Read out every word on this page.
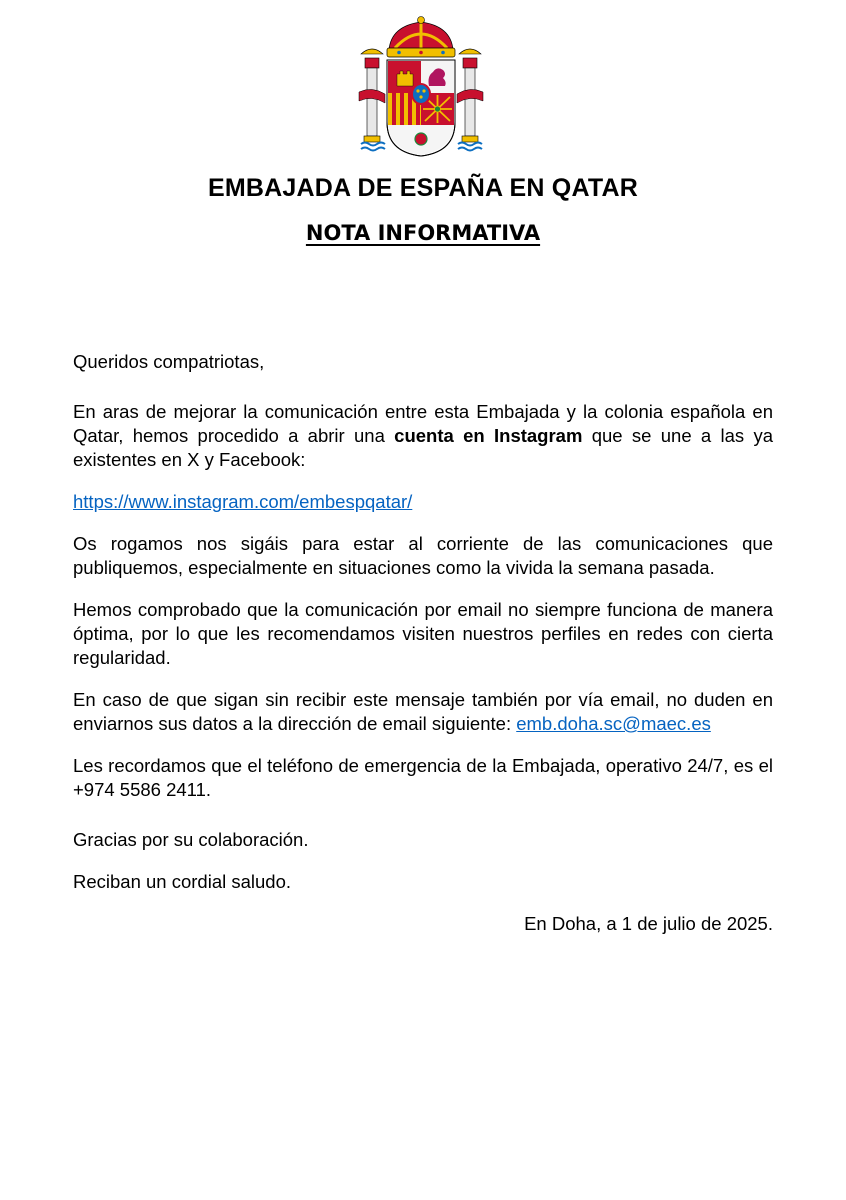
EMBAJADA DE ESPAÑA EN QATAR
NOTA INFORMATIVA

Queridos compatriotas,

En aras de mejorar la comunicación entre esta Embajada y la colonia española en Qatar, hemos procedido a abrir una cuenta en Instagram que se une a las ya existentes en X y Facebook:

https://www.instagram.com/embespqatar/

Os rogamos nos sigáis para estar al corriente de las comunicaciones que publiquemos, especialmente en situaciones como la vivida la semana pasada.

Hemos comprobado que la comunicación por email no siempre funciona de manera óptima, por lo que les recomendamos visiten nuestros perfiles en redes con cierta regularidad.

En caso de que sigan sin recibir este mensaje también por vía email, no duden en enviarnos sus datos a la dirección de email siguiente: emb.doha.sc@maec.es

Les recordamos que el teléfono de emergencia de la Embajada, operativo 24/7, es el +974 5586 2411.

Gracias por su colaboración.

Reciban un cordial saludo.

En Doha, a 1 de julio de 2025.
